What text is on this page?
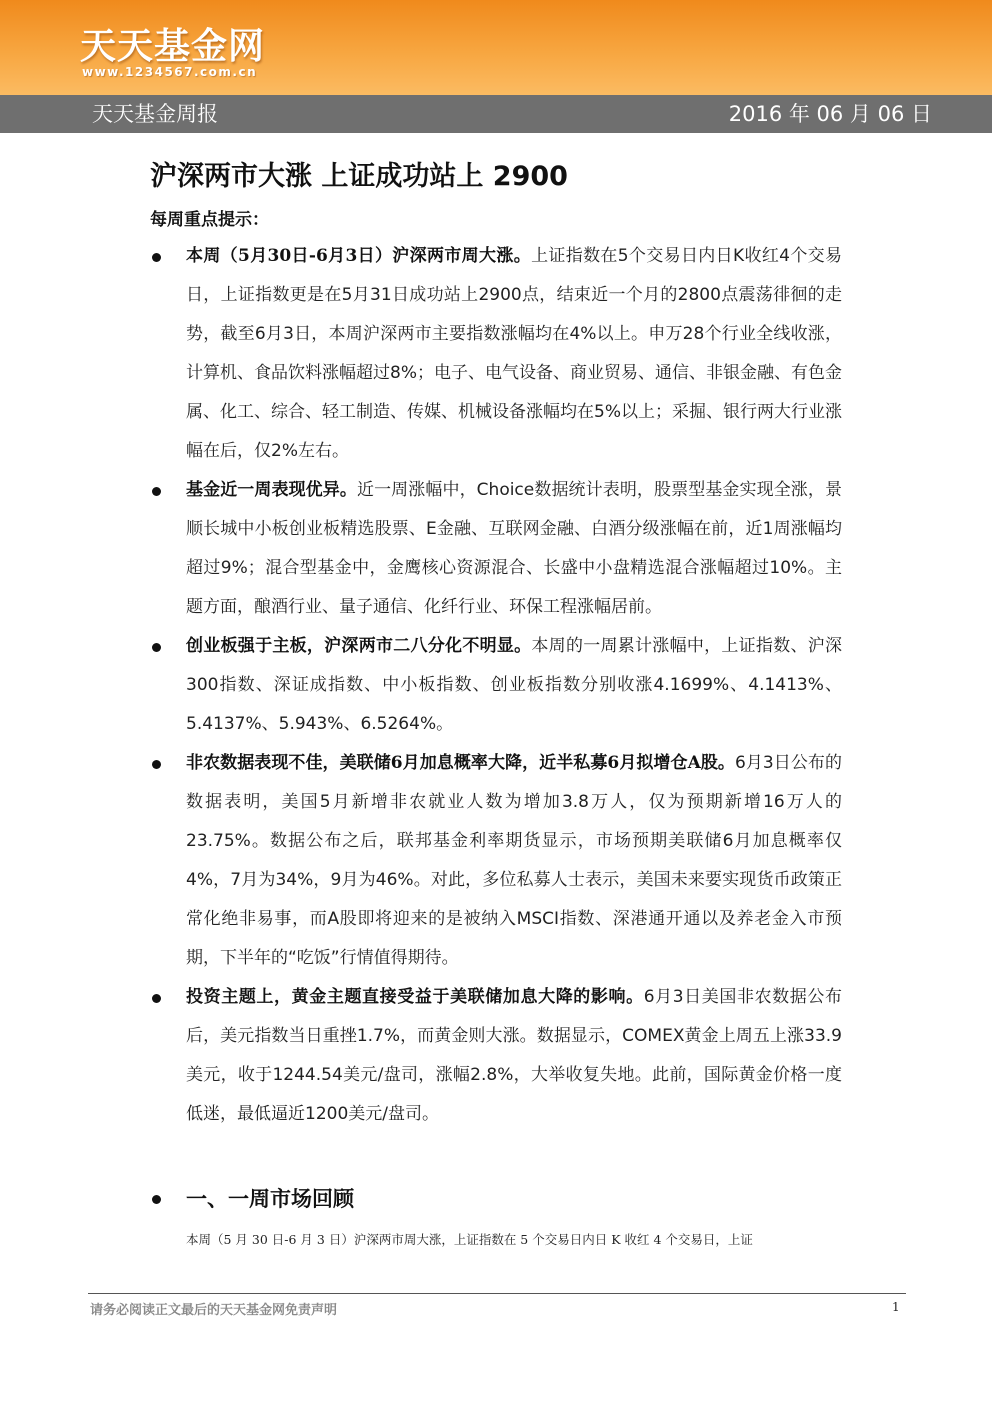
天天基金网
www.1234567.com.cn
天天基金周报	2016 年 06 月 06 日
沪深两市大涨 上证成功站上 2900
每周重点提示：

本周（5月30日-6月3日）沪深两市周大涨。上证指数在5个交易日内日K收红4个交易日，上证指数更是在5月31日成功站上2900点，结束近一个月的2800点震荡徘徊的走势，截至6月3日，本周沪深两市主要指数涨幅均在4%以上。申万28个行业全线收涨，计算机、食品饮料涨幅超过8%；电子、电气设备、商业贸易、通信、非银金融、有色金属、化工、综合、轻工制造、传媒、机械设备涨幅均在5%以上；采掘、银行两大行业涨幅在后，仅2%左右。

基金近一周表现优异。近一周涨幅中，Choice数据统计表明，股票型基金实现全涨，景顺长城中小板创业板精选股票、E金融、互联网金融、白酒分级涨幅在前，近1周涨幅均超过9%；混合型基金中，金鹰核心资源混合、长盛中小盘精选混合涨幅超过10%。主题方面，酿酒行业、量子通信、化纤行业、环保工程涨幅居前。

创业板强于主板，沪深两市二八分化不明显。本周的一周累计涨幅中，上证指数、沪深300指数、深证成指数、中小板指数、创业板指数分别收涨4.1699%、4.1413%、5.4137%、5.943%、6.5264%。

非农数据表现不佳，美联储6月加息概率大降，近半私募6月拟增仓A股。6月3日公布的数据表明，美国5月新增非农就业人数为增加3.8万人，仅为预期新增16万人的23.75%。数据公布之后，联邦基金利率期货显示，市场预期美联储6月加息概率仅4%，7月为34%，9月为46%。对此，多位私募人士表示，美国未来要实现货币政策正常化绝非易事，而A股即将迎来的是被纳入MSCI指数、深港通开通以及养老金入市预期，下半年的“吃饭”行情值得期待。

投资主题上，黄金主题直接受益于美联储加息大降的影响。6月3日美国非农数据公布后，美元指数当日重挫1.7%，而黄金则大涨。数据显示，COMEX黄金上周五上涨33.9美元，收于1244.54美元/盘司，涨幅2.8%，大举收复失地。此前，国际黄金价格一度低迷，最低逼近1200美元/盘司。

一、一周市场回顾
本周（5 月 30 日-6 月 3 日）沪深两市周大涨，上证指数在 5 个交易日内日 K 收红 4 个交易日，上证
请务必阅读正文最后的天天基金网免责声明	1
